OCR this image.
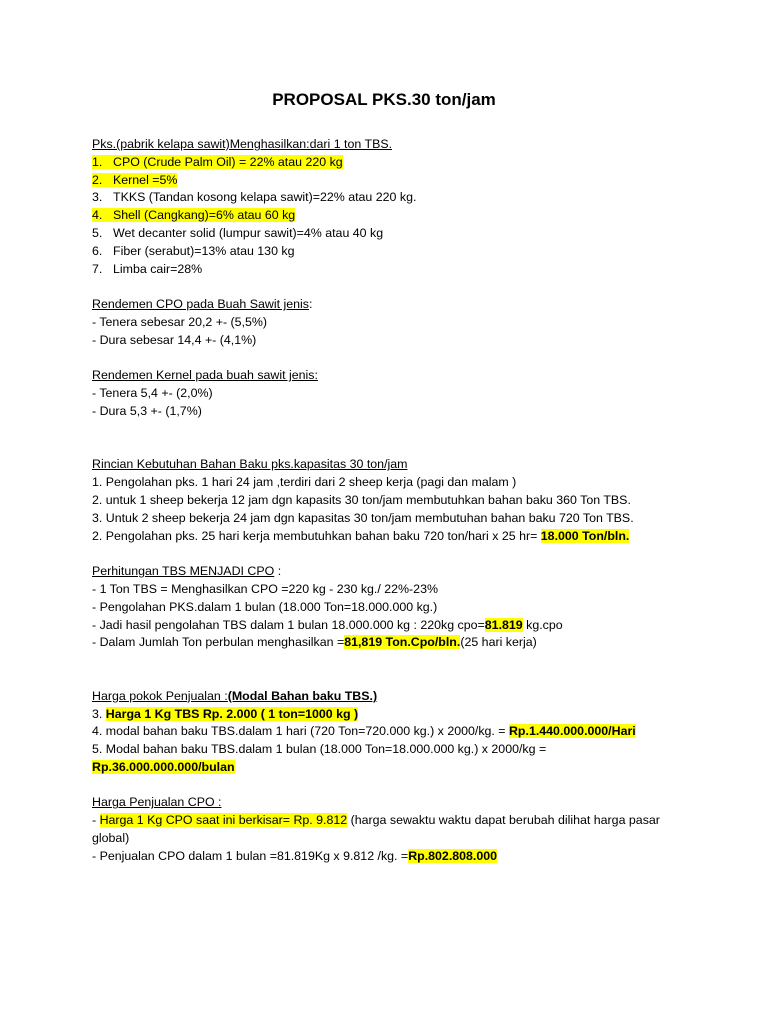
PROPOSAL PKS.30 ton/jam
Pks.(pabrik kelapa sawit)Menghasilkan:dari 1 ton TBS.
1. CPO (Crude Palm Oil) = 22% atau 220 kg
2. Kernel =5%
3. TKKS (Tandan kosong kelapa sawit)=22% atau 220 kg.
4. Shell (Cangkang)=6% atau 60 kg
5. Wet decanter solid (lumpur sawit)=4% atau 40 kg
6. Fiber (serabut)=13% atau 130 kg
7. Limba cair=28%
Rendemen CPO pada Buah Sawit jenis:
- Tenera sebesar 20,2 +- (5,5%)
- Dura sebesar 14,4 +- (4,1%)
Rendemen Kernel pada buah sawit jenis:
- Tenera 5,4 +- (2,0%)
- Dura 5,3 +- (1,7%)
Rincian Kebutuhan Bahan Baku pks.kapasitas 30 ton/jam
1. Pengolahan pks. 1 hari 24 jam ,terdiri dari 2 sheep kerja (pagi dan malam )
2. untuk 1 sheep bekerja 12 jam dgn kapasits 30 ton/jam membutuhkan bahan baku 360 Ton TBS.
3. Untuk 2 sheep bekerja 24 jam dgn kapasitas 30 ton/jam membutuhan bahan baku 720 Ton TBS.
2. Pengolahan pks. 25 hari kerja membutuhkan bahan baku 720 ton/hari x 25 hr= 18.000 Ton/bln.
Perhitungan TBS MENJADI CPO :
- 1 Ton TBS = Menghasilkan CPO =220 kg - 230 kg./ 22%-23%
- Pengolahan PKS.dalam 1 bulan (18.000 Ton=18.000.000 kg.)
- Jadi hasil pengolahan TBS dalam 1 bulan 18.000.000 kg : 220kg cpo=81.819 kg.cpo
- Dalam Jumlah Ton perbulan menghasilkan =81,819 Ton.Cpo/bln.(25 hari kerja)
Harga pokok Penjualan :(Modal Bahan baku TBS.)
3. Harga 1 Kg TBS Rp. 2.000 ( 1 ton=1000 kg )
4. modal bahan baku TBS.dalam 1 hari (720 Ton=720.000 kg.) x 2000/kg. = Rp.1.440.000.000/Hari
5. Modal bahan baku TBS.dalam 1 bulan (18.000 Ton=18.000.000 kg.) x 2000/kg = Rp.36.000.000.000/bulan
Harga Penjualan CPO :
- Harga 1 Kg CPO saat ini berkisar= Rp. 9.812 (harga sewaktu waktu dapat berubah dilihat harga pasar global)
- Penjualan CPO dalam 1 bulan =81.819Kg x 9.812 /kg. =Rp.802.808.000
